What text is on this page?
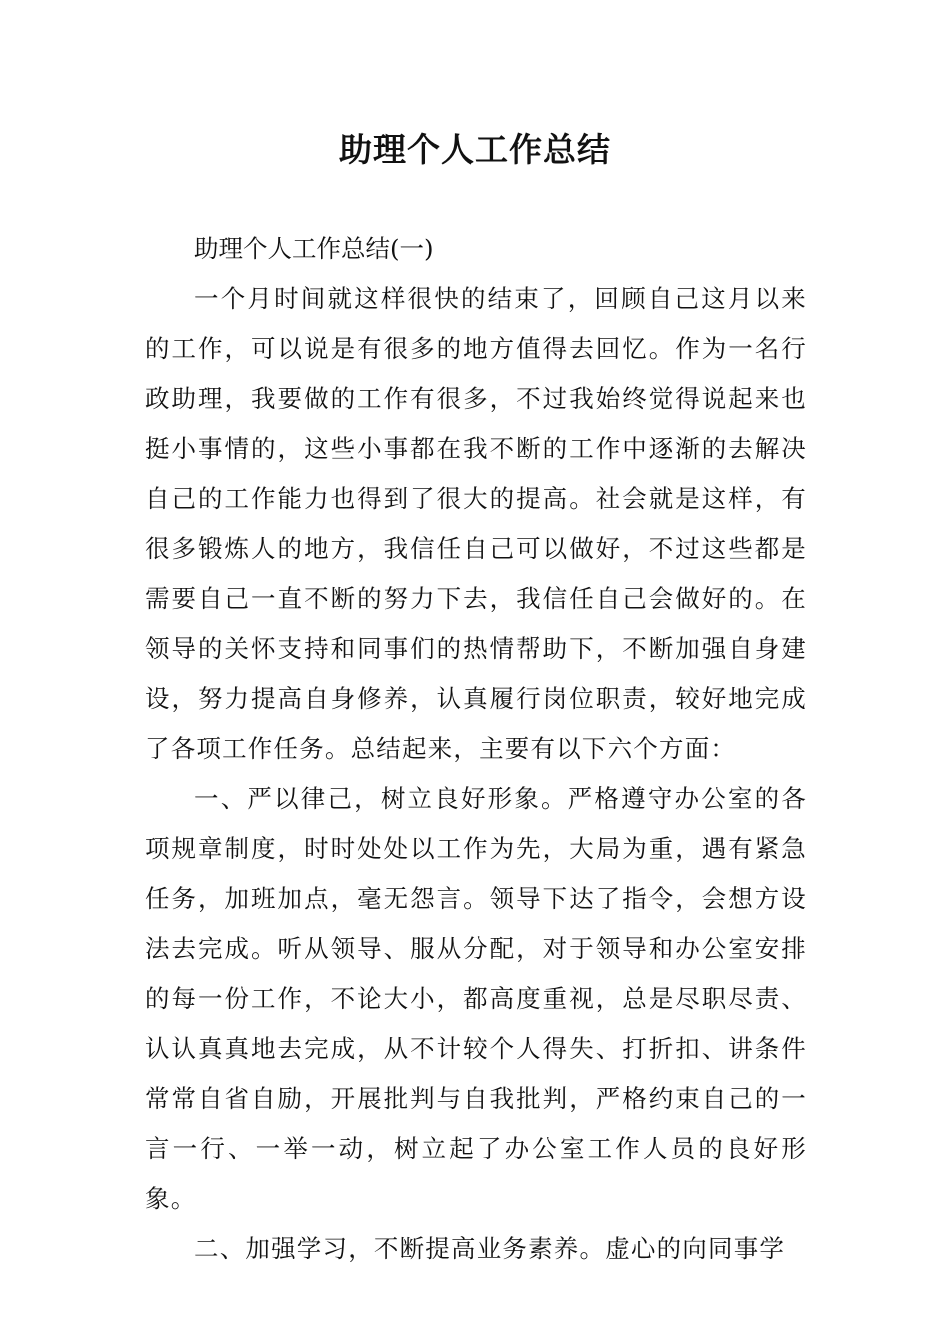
助理个人工作总结

助理个人工作总结(一)

一个月时间就这样很快的结束了，回顾自己这月以来的工作，可以说是有很多的地方值得去回忆。作为一名行政助理，我要做的工作有很多，不过我始终觉得说起来也挺小事情的，这些小事都在我不断的工作中逐渐的去解决自己的工作能力也得到了很大的提高。社会就是这样，有很多锻炼人的地方，我信任自己可以做好，不过这些都是需要自己一直不断的努力下去，我信任自己会做好的。在领导的关怀支持和同事们的热情帮助下，不断加强自身建设，努力提高自身修养，认真履行岗位职责，较好地完成了各项工作任务。总结起来，主要有以下六个方面：

一、严以律己，树立良好形象。严格遵守办公室的各项规章制度，时时处处以工作为先，大局为重，遇有紧急任务，加班加点，毫无怨言。领导下达了指令，会想方设法去完成。听从领导、服从分配，对于领导和办公室安排的每一份工作，不论大小，都高度重视，总是尽职尽责、认认真真地去完成，从不计较个人得失、打折扣、讲条件常常自省自励，开展批判与自我批判，严格约束自己的一言一行、一举一动，树立起了办公室工作人员的良好形象。

二、加强学习，不断提高业务素养。虚心的向同事学
